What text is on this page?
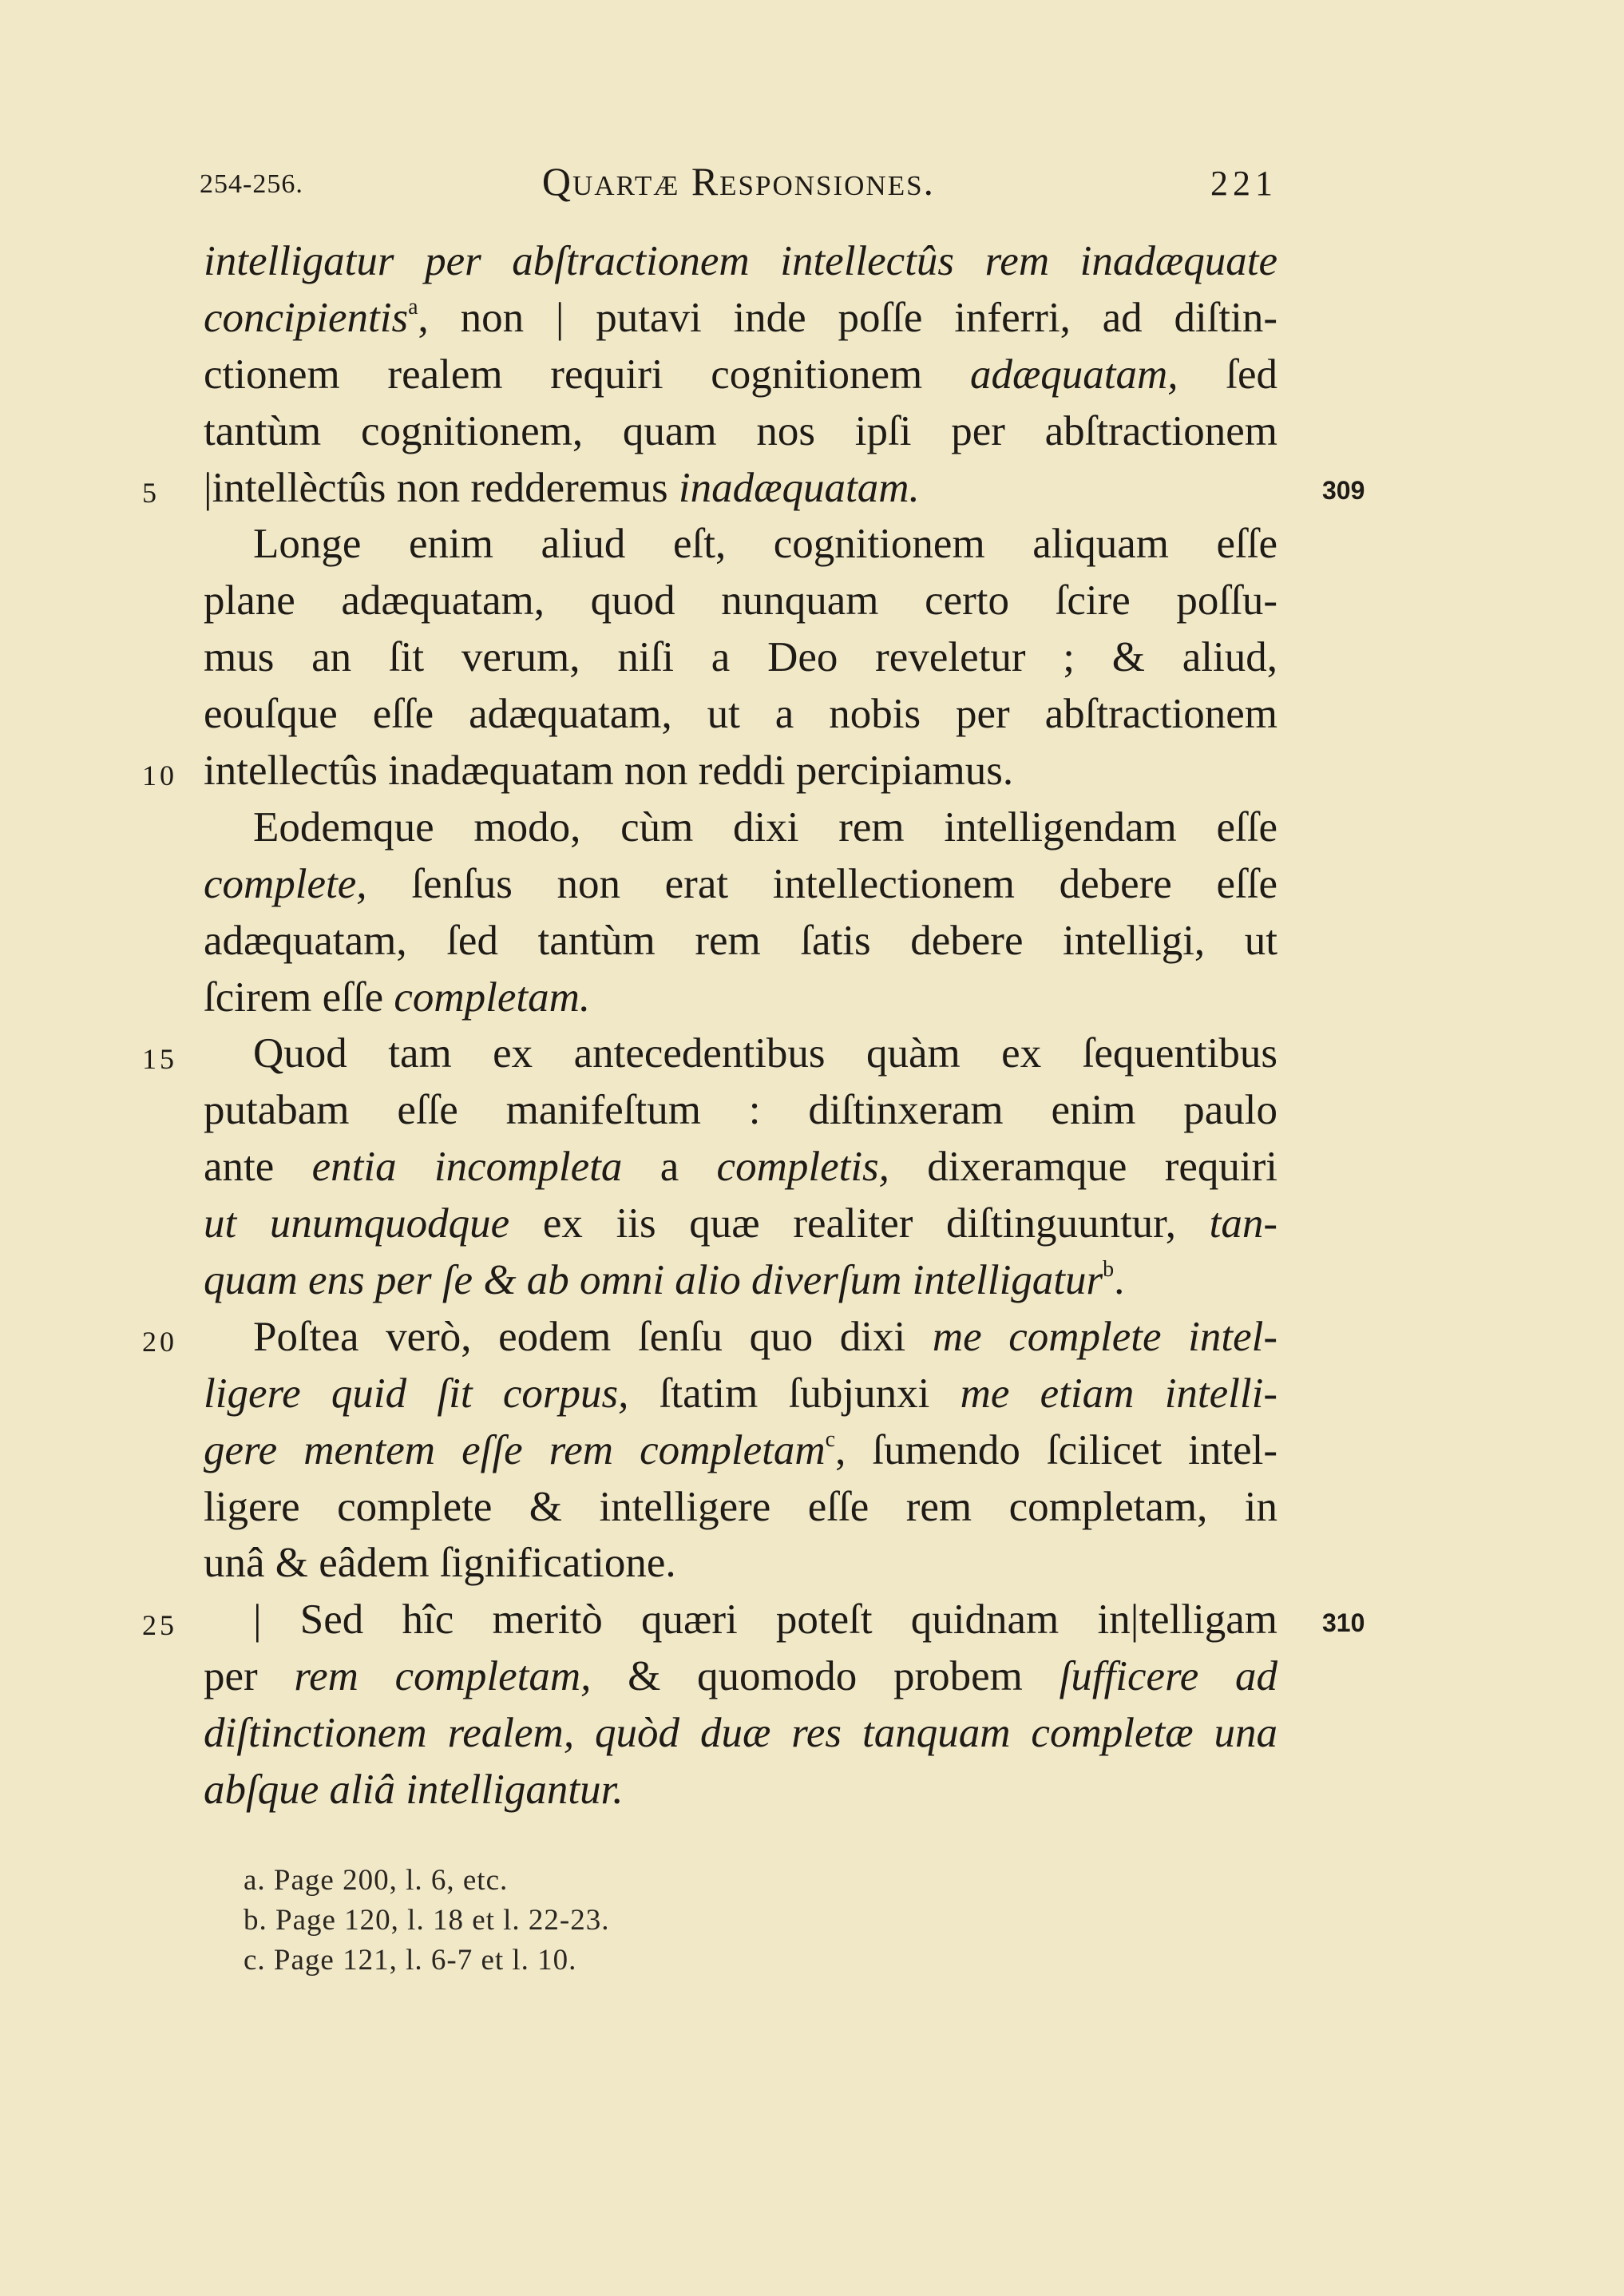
254-256.	Quartæ Responsiones.	221
intelligatur per abſtractionem intellectûs rem inadæquate
concipientis$^a$, non | putavi inde poſſe inferri, ad diſtin-
ctionem realem requiri cognitionem adæquatam, ſed
tantùm cognitionem, quam nos ipſi per abſtractionem
|intellèctûs non redderemus inadæquatam.
Longe enim aliud eſt, cognitionem aliquam eſſe
plane adæquatam, quod nunquam certo ſcire poſſu-
mus an ſit verum, niſi a Deo reveletur ; & aliud,
eouſque eſſe adæquatam, ut a nobis per abſtractionem
intellectûs inadæquatam non reddi percipiamus.
Eodemque modo, cùm dixi rem intelligendam eſſe
complete, ſenſus non erat intellectionem debere eſſe
adæquatam, ſed tantùm rem ſatis debere intelligi, ut
ſcirem eſſe completam.
Quod tam ex antecedentibus quàm ex ſequentibus
putabam eſſe manifeſtum : diſtinxeram enim paulo
ante entia incompleta a completis, dixeramque requiri
ut unumquodque ex iis quæ realiter diſtinguuntur, tan-
quam ens per ſe & ab omni alio diverſum intelligatur$^b$.
Poſtea verò, eodem ſenſu quo dixi me complete intel-
ligere quid ſit corpus, ſtatim ſubjunxi me etiam intelli-
gere mentem eſſe rem completam$^c$, ſumendo ſcilicet intel-
ligere complete & intelligere eſſe rem completam, in
unâ & eâdem ſignificatione.
| Sed hîc meritò quæri poteſt quidnam in|telligam
per rem completam, & quomodo probem ſufficere ad
diſtinctionem realem, quòd duæ res tanquam completæ una
abſque aliâ intelligantur.
5
10
15
20
25
309
310
a. Page 200, l. 6, etc.
b. Page 120, l. 18 et l. 22-23.
c. Page 121, l. 6-7 et l. 10.
